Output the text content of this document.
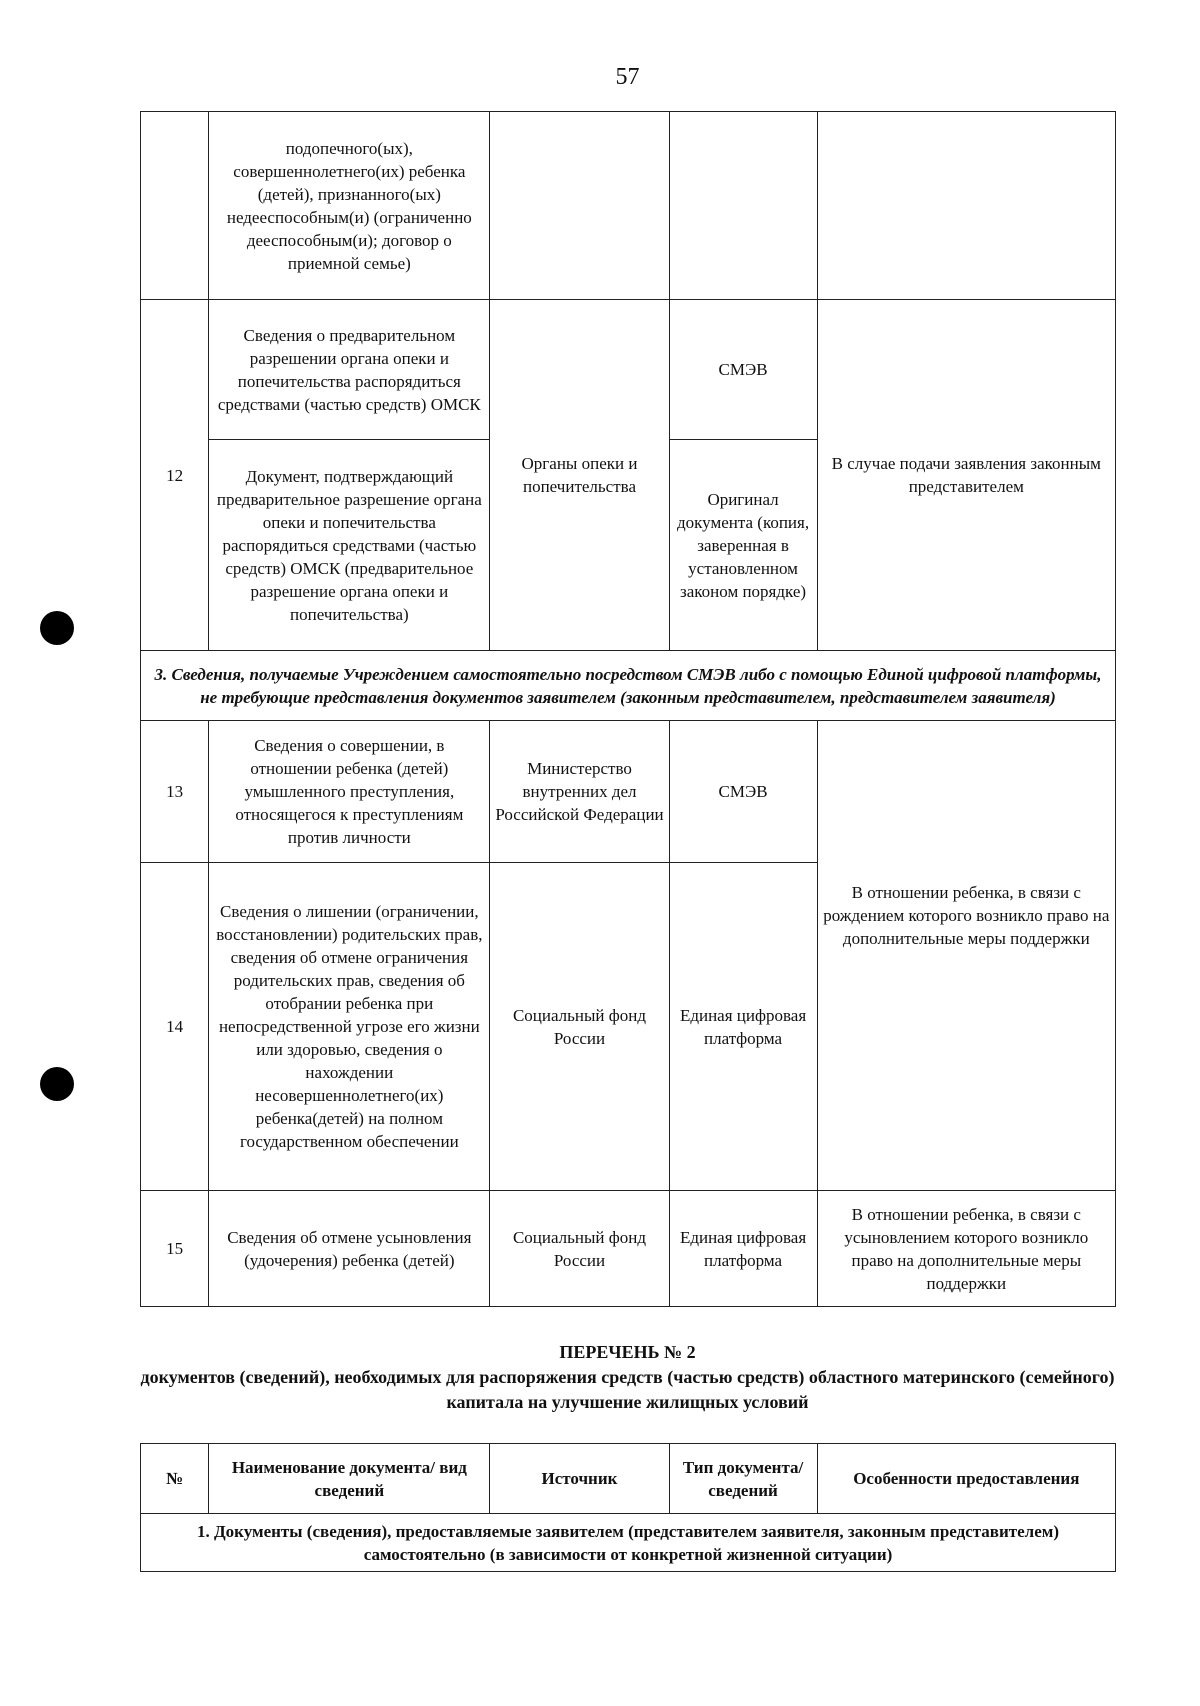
57
	подопечного(ых), совершеннолетнего(их) ребенка (детей), признанного(ых) недееспособным(и) (ограниченно дееспособным(и); договор о приемной семье)			
12	Сведения о предварительном разрешении органа опеки и попечительства распорядиться средствами (частью средств) ОМСК	Органы опеки и попечительства	СМЭВ	В случае подачи заявления законным представителем
	Документ, подтверждающий предварительное разрешение органа опеки и попечительства распорядиться средствами (частью средств) ОМСК (предварительное разрешение органа опеки и попечительства)		Оригинал документа (копия, заверенная в установленном законом порядке)	
3. Сведения, получаемые Учреждением самостоятельно посредством СМЭВ либо с помощью Единой цифровой платформы, не требующие представления документов заявителем (законным представителем, представителем заявителя)				
13	Сведения о совершении, в отношении ребенка (детей) умышленного преступления, относящегося к преступлениям против личности	Министерство внутренних дел Российской Федерации	СМЭВ	В отношении ребенка, в связи с рождением которого возникло право на дополнительные меры поддержки
14	Сведения о лишении (ограничении, восстановлении) родительских прав, сведения об отмене ограничения родительских прав, сведения об отобрании ребенка при непосредственной угрозе его жизни или здоровью, сведения о нахождении несовершеннолетнего(их) ребенка(детей) на полном государственном обеспечении	Социальный фонд России	Единая цифровая платформа	
15	Сведения об отмене усыновления (удочерения) ребенка (детей)	Социальный фонд России	Единая цифровая платформа	В отношении ребенка, в связи с усыновлением которого возникло право на дополнительные меры поддержки
ПЕРЕЧЕНЬ № 2
документов (сведений), необходимых для распоряжения средств (частью средств) областного материнского (семейного) капитала на улучшение жилищных условий
№	Наименование документа/ вид сведений	Источник	Тип документа/ сведений	Особенности предоставления
1. Документы (сведения), предоставляемые заявителем (представителем заявителя, законным представителем) самостоятельно (в зависимости от конкретной жизненной ситуации)
